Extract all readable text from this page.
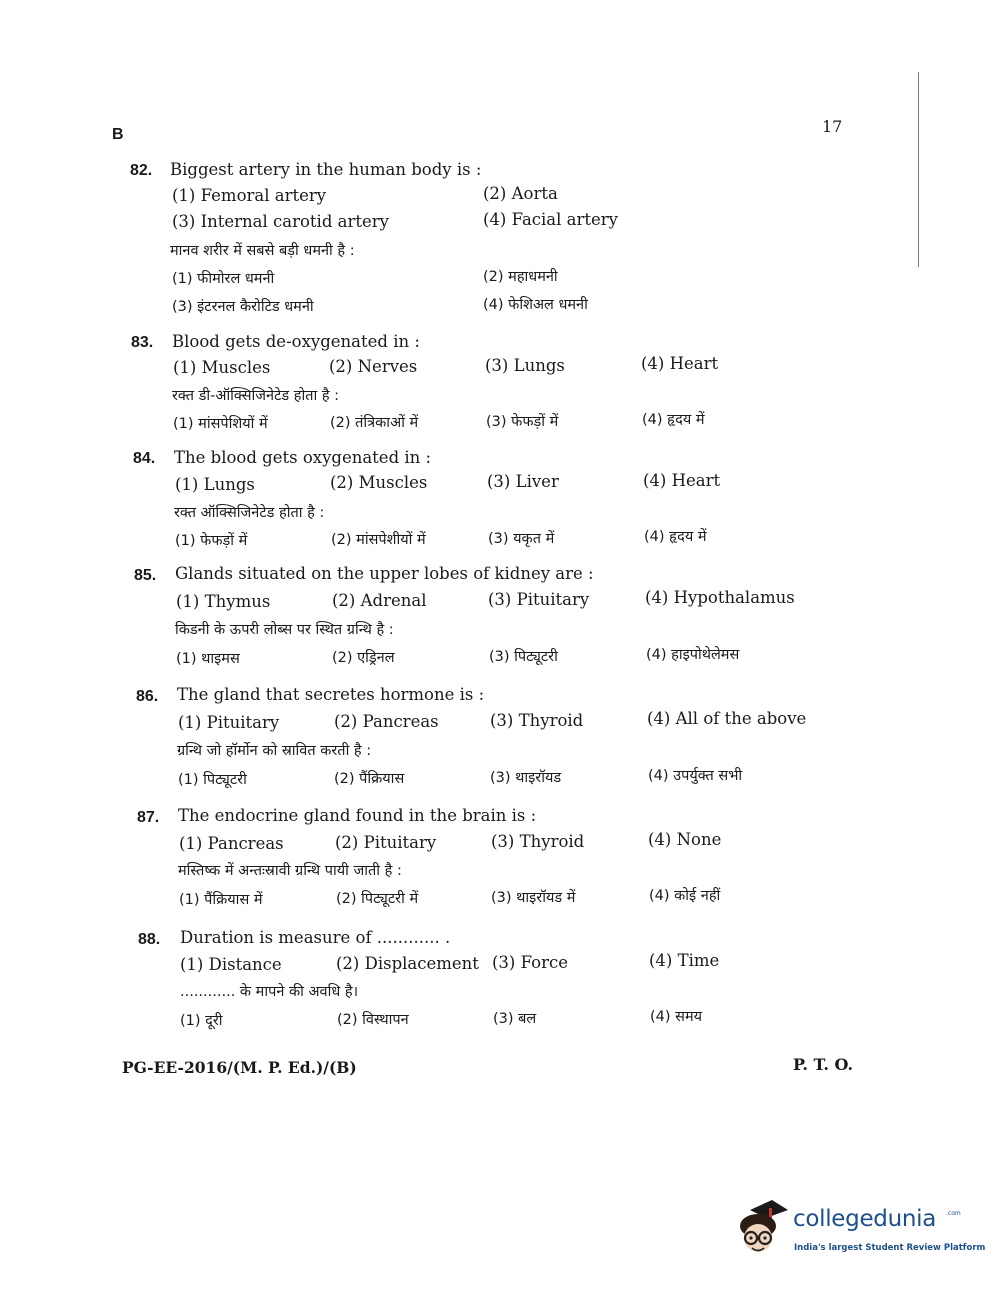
B	17
82. Biggest artery in the human body is :
(1) Femoral artery	(2) Aorta
(3) Internal carotid artery	(4) Facial artery
मानव शरीर में सबसे बड़ी धमनी है :
(1) फीमोरल धमनी	(2) महाधमनी
(3) इंटरनल कैरोटिड धमनी	(4) फेशिअल धमनी
83. Blood gets de-oxygenated in :
(1) Muscles	(2) Nerves	(3) Lungs	(4) Heart
रक्त डी-ऑक्सिजिनेटेड होता है :
(1) मांसपेशियों में	(2) तंत्रिकाओं में	(3) फेफड़ों में	(4) हृदय में
84. The blood gets oxygenated in :
(1) Lungs	(2) Muscles	(3) Liver	(4) Heart
रक्त ऑक्सिजिनेटेड होता है :
(1) फेफड़ों में	(2) मांसपेशीयों में	(3) यकृत में	(4) हृदय में
85. Glands situated on the upper lobes of kidney are :
(1) Thymus	(2) Adrenal	(3) Pituitary	(4) Hypothalamus
किडनी के ऊपरी लोब्स पर स्थित ग्रन्थि है :
(1) थाइमस	(2) एड्रिनल	(3) पिट्यूटरी	(4) हाइपोथेलेमस
86. The gland that secretes hormone is :
(1) Pituitary	(2) Pancreas	(3) Thyroid	(4) All of the above
ग्रन्थि जो हॉर्मोन को स्रावित करती है :
(1) पिट्यूटरी	(2) पैंक्रियास	(3) थाइरॉयड	(4) उपर्युक्त सभी
87. The endocrine gland found in the brain is :
(1) Pancreas	(2) Pituitary	(3) Thyroid	(4) None
मस्तिष्क में अन्तःस्रावी ग्रन्थि पायी जाती है :
(1) पैंक्रियास में	(2) पिट्यूटरी में	(3) थाइरॉयड में	(4) कोई नहीं
88. Duration is measure of ............ .
(1) Distance	(2) Displacement (3) Force	(4) Time
............ के मापने की अवधि है।
(1) दूरी	(2) विस्थापन	(3) बल	(4) समय
PG-EE-2016/(M. P. Ed.)/(B)	P. T. O.
collegedunia .com
India's largest Student Review Platform
